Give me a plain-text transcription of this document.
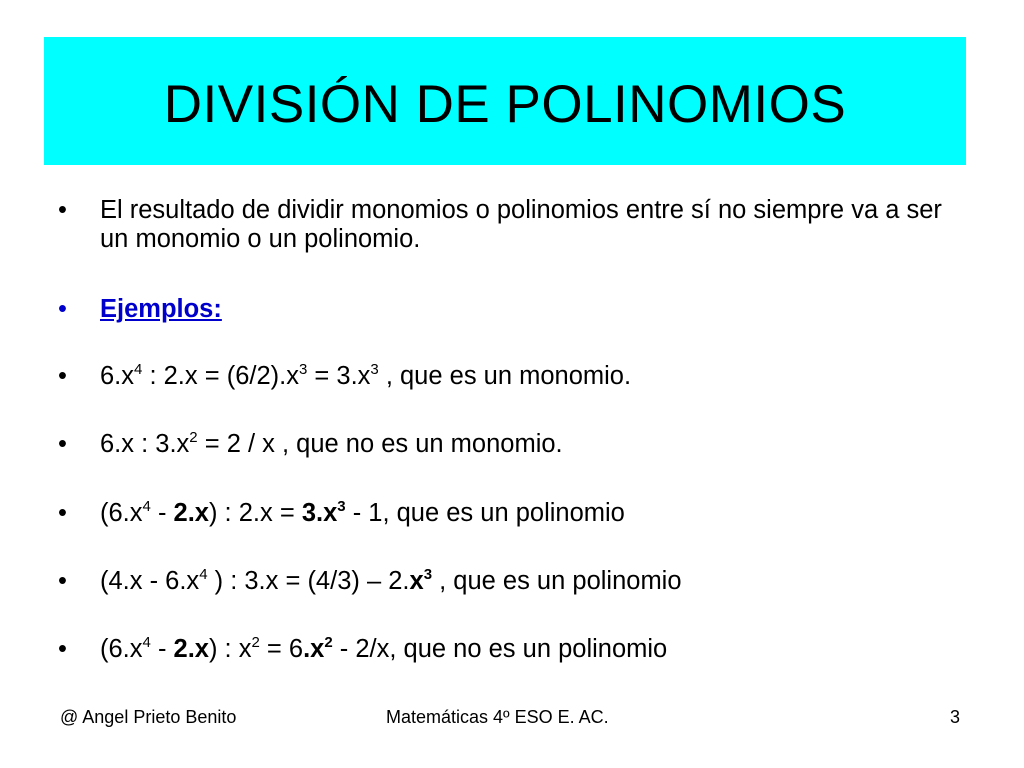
DIVISIÓN DE POLINOMIOS
•	El resultado de dividir monomios o polinomios entre sí no siempre va a ser un monomio o un polinomio.
•	Ejemplos:
•	$6.x^4$ : $2.x = (6/2).x^3 = 3.x^3$ , que es un monomio.
•	6.x : $3.x^2 = 2 / x$ , que no es un monomio.
•	$(6.x^4 - 2.x)$ : $2.x = 3.x^3 - 1$, que es un polinomio
•	($4.x - 6.x^4$ ) : $3.x = (4/3) - 2.x^3$ , que es un polinomio
•	$(6.x^4 - 2.x)$ : $x^2 = 6.x^2 - 2/x$, que no es un polinomio
@ Angel Prieto Benito	Matemáticas 4º ESO E. AC.	3
